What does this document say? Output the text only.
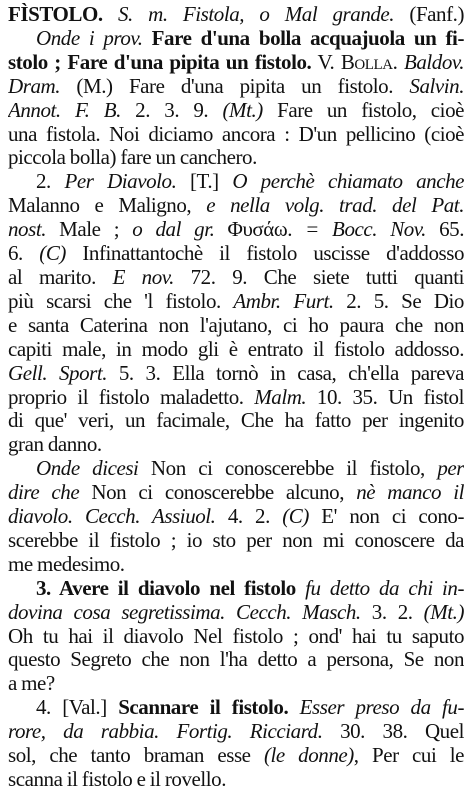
FÌSTOLO. S. m. Fistola, o Mal grande. (Fanf.)
Onde i prov. Fare d'una bolla acquajuola un fi-
stolo ; Fare d'una pipita un fistolo. V. Bolla. Baldov.
Dram. (M.) Fare d'una pipita un fistolo. Salvin.
Annot. F. B. 2. 3. 9. (Mt.) Fare un fistolo, cioè
una fistola. Noi diciamo ancora : D'un pellicino (cioè
piccola bolla) fare un canchero.
2. Per Diavolo. [T.] O perchè chiamato anche
Malanno e Maligno, e nella volg. trad. del Pat.
nost. Male ; o dal gr. Φυσάω. = Bocc. Nov. 65.
6. (C) Infinattantochè il fistolo uscisse d'addosso
al marito. E nov. 72. 9. Che siete tutti quanti
più scarsi che 'l fistolo. Ambr. Furt. 2. 5. Se Dio
e santa Caterina non l'ajutano, ci ho paura che non
capiti male, in modo gli è entrato il fistolo addosso.
Gell. Sport. 5. 3. Ella tornò in casa, ch'ella pareva
proprio il fistolo maladetto. Malm. 10. 35. Un fistol
di que' veri, un facimale, Che ha fatto per ingenito
gran danno.
Onde dicesi Non ci conoscerebbe il fistolo, per
dire che Non ci conoscerebbe alcuno, nè manco il
diavolo. Cecch. Assiuol. 4. 2. (C) E' non ci cono-
scerebbe il fistolo ; io sto per non mi conoscere da
me medesimo.
3. Avere il diavolo nel fistolo fu detto da chi in-
dovina cosa segretissima. Cecch. Masch. 3. 2. (Mt.)
Oh tu hai il diavolo Nel fistolo ; ond' hai tu saputo
questo Segreto che non l'ha detto a persona, Se non
a me?
4. [Val.] Scannare il fistolo. Esser preso da fu-
rore, da rabbia. Fortig. Ricciard. 30. 38. Quel
sol, che tanto braman esse (le donne), Per cui le
scanna il fistolo e il rovello.
